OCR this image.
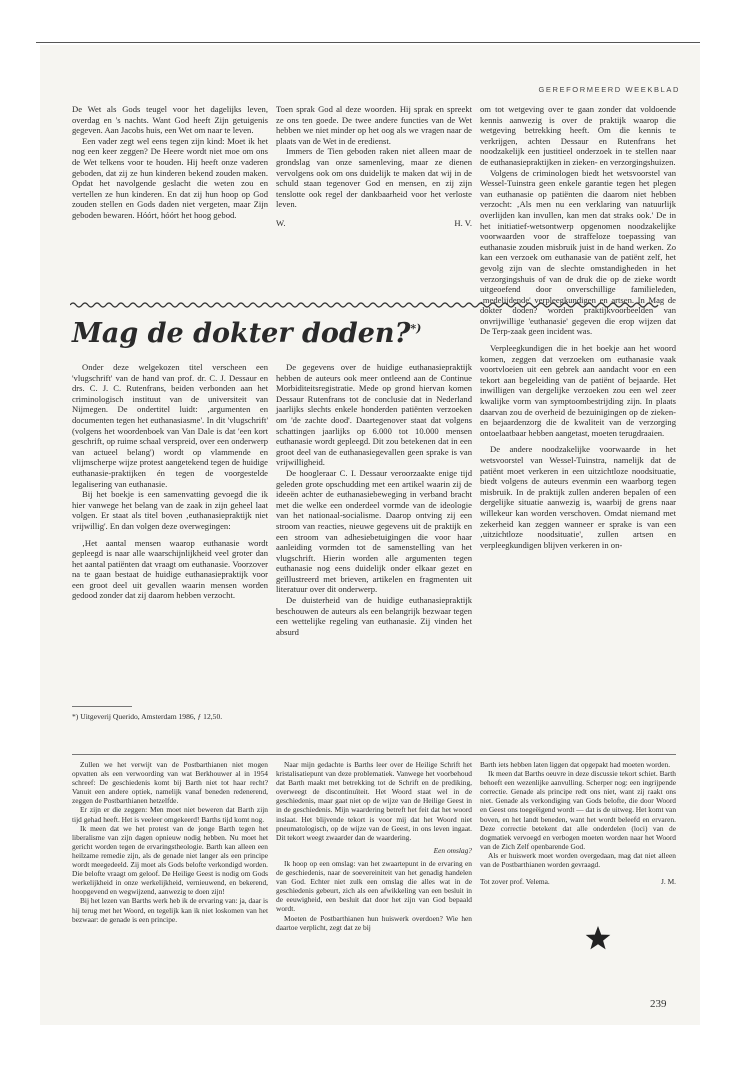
GEREFORMEERD WEEKBLAD

De Wet als Gods teugel voor het dagelijks leven, overdag en 's nachts. Want God heeft Zijn getuigenis gegeven. Aan Jacobs huis, een Wet om naar te leven.

Een vader zegt wel eens tegen zijn kind: Moet ik het nog een keer zeggen? De Heere wordt niet moe om ons de Wet telkens voor te houden. Hij heeft onze vaderen geboden, dat zij ze hun kinderen bekend zouden maken. Opdat het navolgende geslacht die weten zou en vertellen ze hun kinderen. En dat zij hun hoop op God zouden stellen en Gods daden niet vergeten, maar Zijn geboden bewaren. Hóórt, hóórt het hoog gebod.

Toen sprak God al deze woorden. Hij sprak en spreekt ze ons ten goede. De twee andere functies van de Wet hebben we niet minder op het oog als we vragen naar de plaats van de Wet in de eredienst.

Immers de Tien geboden raken niet alleen maar de grondslag van onze samenleving, maar ze dienen vervolgens ook om ons duidelijk te maken dat wij in de schuld staan tegenover God en mensen, en zij zijn tenslotte ook regel der dankbaarheid voor het verloste leven.

W.	H. V.
Mag de dokter doden?*)

Onder deze welgekozen titel verscheen een 'vlugschrift' van de hand van prof. dr. C. J. Dessaur en drs. C. J. C. Rutenfrans, beiden verbonden aan het criminologisch instituut van de universiteit van Nijmegen. De ondertitel luidt: ‚argumenten en documenten tegen het euthanasiasme'. In dit 'vlugschrift' (volgens het woordenboek van Van Dale is dat 'een kort geschrift, op ruime schaal verspreid, over een onderwerp van actueel belang') wordt op vlammende en vlijmscherpe wijze protest aangetekend tegen de huidige euthanasie-praktijken én tegen de voorgestelde legalisering van euthanasie.

Bij het boekje is een samenvatting gevoegd die ik hier vanwege het belang van de zaak in zijn geheel laat volgen. Er staat als titel boven ‚euthanasiepraktijk niet vrijwillig'. En dan volgen deze overwegingen:

‚Het aantal mensen waarop euthanasie wordt gepleegd is naar alle waarschijnlijkheid veel groter dan het aantal patiënten dat vraagt om euthanasie. Voorzover na te gaan bestaat de huidige euthanasiepraktijk voor een groot deel uit gevallen waarin mensen worden gedood zonder dat zij daarom hebben verzocht.

*) Uitgeverij Querido, Amsterdam 1986, ƒ 12,50.

De gegevens over de huidige euthanasiepraktijk hebben de auteurs ook meer ontleend aan de Continue Morbiditeitsregistratie. Mede op grond hiervan komen Dessaur Rutenfrans tot de conclusie dat in Nederland jaarlijks slechts enkele honderden patiënten verzoeken om 'de zachte dood'. Daartegenover staat dat volgens schattingen jaarlijks op 6.000 tot 10.000 mensen euthanasie wordt gepleegd. Dit zou betekenen dat in een groot deel van de euthanasiegevallen geen sprake is van vrijwilligheid.

De hoogleraar C. I. Dessaur veroorzaakte enige tijd geleden grote opschudding met een artikel waarin zij de ideeën achter de euthanasiebeweging in verband bracht met die welke een onderdeel vormde van de ideologie van het nationaal-socialisme. Daarop ontving zij een stroom van reacties, nieuwe gegevens uit de praktijk en een stroom van adhesiebetuigingen die voor haar aanleiding vormden tot de samenstelling van het vlugschrift. Hierin worden alle argumenten tegen euthanasie nog eens duidelijk onder elkaar gezet en geïllustreerd met brieven, artikelen en fragmenten uit literatuur over dit onderwerp.

De duisterheid van de huidige euthanasiepraktijk beschouwen de auteurs als een belangrijk bezwaar tegen een wettelijke regeling van euthanasie. Zij vinden het absurd

om tot wetgeving over te gaan zonder dat voldoende kennis aanwezig is over de praktijk waarop die wetgeving betrekking heeft. Om die kennis te verkrijgen, achten Dessaur en Rutenfrans het noodzakelijk een justitieel onderzoek in te stellen naar de euthanasiepraktijken in zieken- en verzorgingshuizen.

Volgens de criminologen biedt het wetsvoorstel van Wessel-Tuinstra geen enkele garantie tegen het plegen van euthanasie op patiënten die daarom niet hebben verzocht: ‚Als men nu een verklaring van natuurlijk overlijden kan invullen, kan men dat straks ook.' De in het initiatief-wetsontwerp opgenomen noodzakelijke voorwaarden voor de straffeloze toepassing van euthanasie zouden misbruik juist in de hand werken. Zo kan een verzoek om euthanasie van de patiënt zelf, het gevolg zijn van de slechte omstandigheden in het verzorgingshuis of van de druk die op de zieke wordt uitgeoefend door onverschillige familieleden, ‚medelijdende' verpleegkundigen en artsen. In Mag de dokter doden? worden praktijkvoorbeelden van onvrijwillige 'euthanasie' gegeven die erop wijzen dat De Terp-zaak geen incident was.

Verpleegkundigen die in het boekje aan het woord komen, zeggen dat verzoeken om euthanasie vaak voortvloeien uit een gebrek aan aandacht voor en een tekort aan begeleiding van de patiënt of bejaarde. Het inwilligen van dergelijke verzoeken zou een wel zeer kwalijke vorm van symptoombestrijding zijn. In plaats daarvan zou de overheid de bezuinigingen op de zieken- en bejaardenzorg die de kwaliteit van de verzorging ontoelaatbaar hebben aangetast, moeten terugdraaien.

De andere noodzakelijke voorwaarde in het wetsvoorstel van Wessel-Tuinstra, namelijk dat de patiënt moet verkeren in een uitzichtloze noodsituatie, biedt volgens de auteurs evenmin een waarborg tegen misbruik. In de praktijk zullen anderen bepalen of een dergelijke situatie aanwezig is, waarbij de grens naar willekeur kan worden verschoven. Omdat niemand met zekerheid kan zeggen wanneer er sprake is van een ‚uitzichtloze noodsituatie', zullen artsen en verpleegkundigen blijven verkeren in on-

Zullen we het verwijt van de Postbarthianen niet mogen opvatten als een verwoording van wat Berkhouwer al in 1954 schreef: De geschiedenis komt bij Barth niet tot haar recht? Vanuit een andere optiek, namelijk vanaf beneden redenerend, zeggen de Postbarthianen hetzelfde.

Er zijn er die zeggen: Men moet niet beweren dat Barth zijn tijd gehad heeft. Het is veeleer omgekeerd! Barths tijd komt nog.

Ik meen dat we het protest van de jonge Barth tegen het liberalisme van zijn dagen opnieuw nodig hebben. Nu moet het gericht worden tegen de ervaringstheologie. Barth kan alleen een heilzame remedie zijn, als de genade niet langer als een principe wordt meegedeeld. Zij moet als Gods belofte verkondigd worden. Die belofte vraagt om geloof. De Heilige Geest is nodig om Gods werkelijkheid in onze werkelijkheid, vernieuwend, en bekerend, hoopgevend en wegwijzend, aanwezig te doen zijn!

Bij het lezen van Barths werk heb ik de ervaring van: ja, daar is hij terug met het Woord, en tegelijk kan ik niet loskomen van het bezwaar: de genade is een principe.

Naar mijn gedachte is Barths leer over de Heilige Schrift het kristalisatiepunt van deze problematiek. Vanwege het voorbehoud dat Barth maakt met betrekking tot de Schrift en de prediking, overweegt de discontinuïteit. Het Woord staat wel in de geschiedenis, maar gaat niet op de wijze van de Heilige Geest in in de geschiedenis. Mijn waardering betreft het feit dat het woord inslaat. Het blijvende tekort is voor mij dat het Woord niet pneumatologisch, op de wijze van de Geest, in ons leven ingaat. Dit tekort weegt zwaarder dan de waardering.

Een omslag?

Ik hoop op een omslag: van het zwaartepunt in de ervaring en de geschiedenis, naar de soevereiniteit van het genadig handelen van God. Echter niet zulk een omslag die alles wat in de geschiedenis gebeurt, zich als een afwikkeling van een besluit in de eeuwigheid, een besluit dat door het zijn van God bepaald wordt.

Moeten de Postbarthianen hun huiswerk overdoen? Wie hen daartoe verplicht, zegt dat ze bij

Barth iets hebben laten liggen dat opgepakt had moeten worden.

Ik meen dat Barths oeuvre in deze discussie tekort schiet. Barth behoeft een wezenlijke aanvulling. Scherper nog: een ingrijpende correctie. Genade als principe redt ons niet, want zij raakt ons niet. Genade als verkondiging van Gods belofte, die door Woord en Geest ons toegeëigend wordt — dat is de uitweg. Het komt van boven, en het landt beneden, want het wordt beleefd en ervaren. Deze correctie betekent dat alle onderdelen (loci) van de dogmatiek vervoegd en verbogen moeten worden naar het Woord van de Zich Zelf openbarende God.

Als er huiswerk moet worden overgedaan, mag dat niet alleen van de Postbarthianen worden gevraagd.

Tot zover prof. Velema.	J. M.
239
